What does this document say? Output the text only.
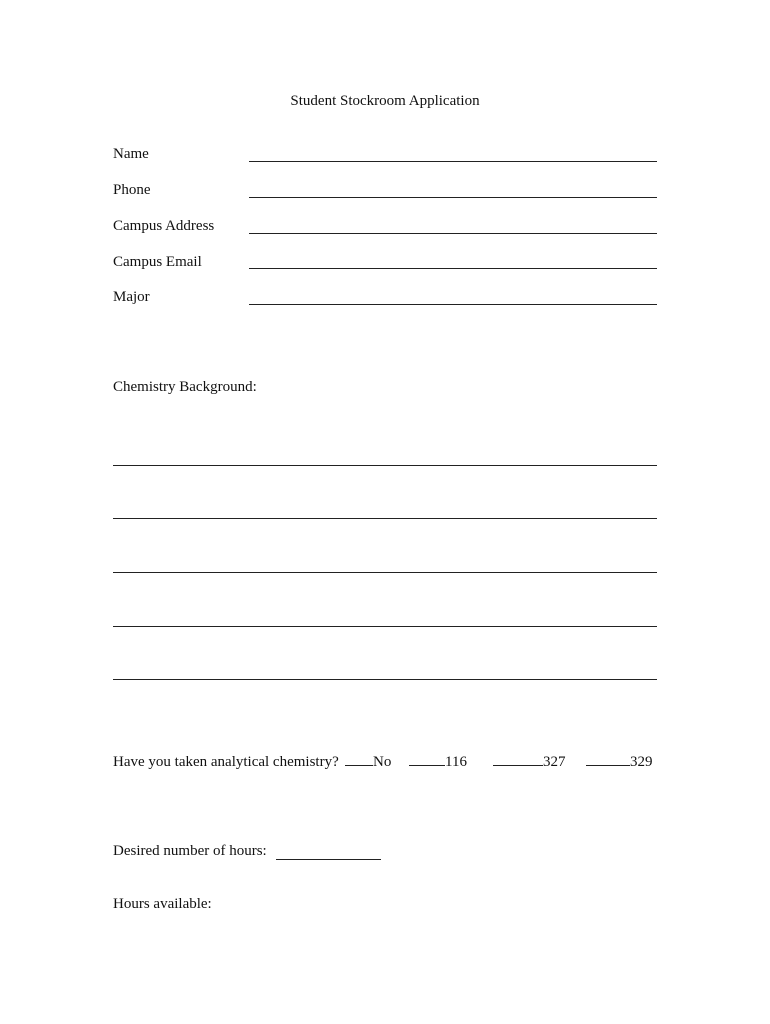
Student Stockroom Application
Name
Phone
Campus Address
Campus Email
Major
Chemistry Background:
Have you taken analytical chemistry?	No	116	327	329
Desired number of hours:
Hours available:
